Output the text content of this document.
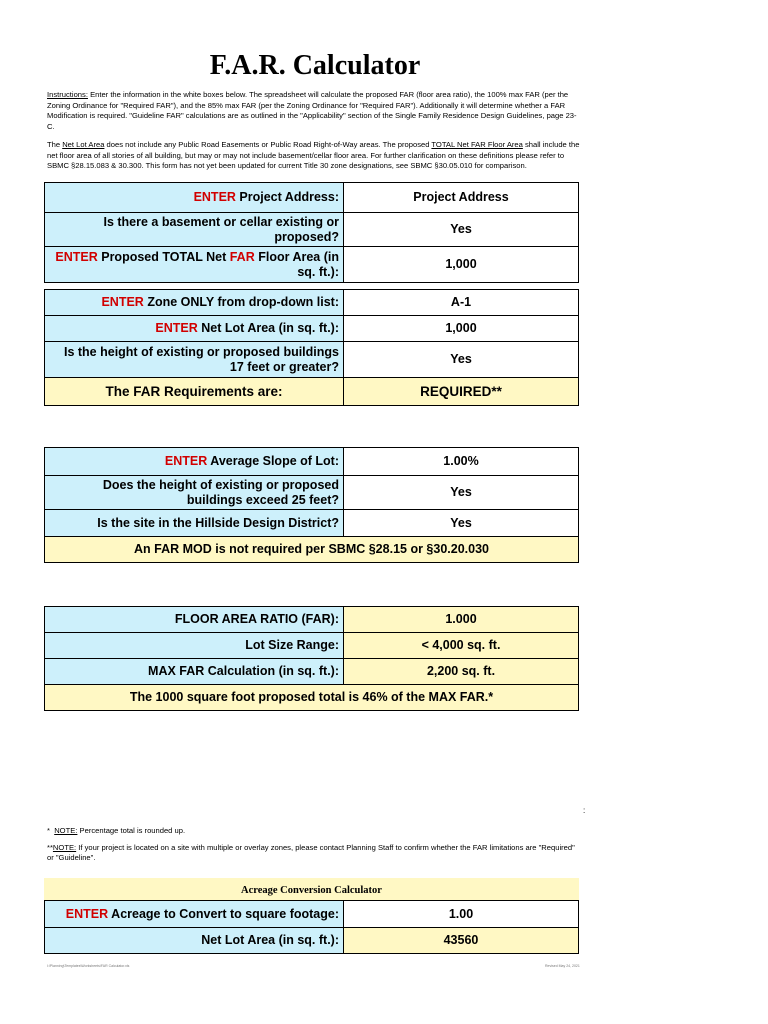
F.A.R. Calculator
Instructions: Enter the information in the white boxes below. The spreadsheet will calculate the proposed FAR (floor area ratio), the 100% max FAR (per the Zoning Ordinance for "Required FAR"), and the 85% max FAR (per the Zoning Ordinance for "Required FAR"). Additionally it will determine whether a FAR Modification is required. "Guideline FAR" calculations are as outlined in the "Applicability" section of the Single Family Residence Design Guidelines, page 23-C.
The Net Lot Area does not include any Public Road Easements or Public Road Right-of-Way areas. The proposed TOTAL Net FAR Floor Area shall include the net floor area of all stories of all building, but may or may not include basement/cellar floor area. For further clarification on these definitions please refer to SBMC §28.15.083 & 30.300. This form has not yet been updated for current Title 30 zone designations, see SBMC §30.05.010 for comparison.
ENTER Project Address:	Project Address
Is there a basement or cellar existing or proposed?	Yes
ENTER Proposed TOTAL Net FAR Floor Area (in sq. ft.):	1,000
ENTER Zone ONLY from drop-down list:	A-1
ENTER Net Lot Area (in sq. ft.):	1,000
Is the height of existing or proposed buildings 17 feet or greater?	Yes
The FAR Requirements are:	REQUIRED**
ENTER Average Slope of Lot:	1.00%
Does the height of existing or proposed buildings exceed 25 feet?	Yes
Is the site in the Hillside Design District?	Yes
An FAR MOD is not required per SBMC §28.15 or §30.20.030	
FLOOR AREA RATIO (FAR):	1.000
Lot Size Range:	< 4,000 sq. ft.
MAX FAR Calculation (in sq. ft.):	2,200 sq. ft.
The 1000 square foot proposed total is 46% of the MAX FAR.*	
:
* NOTE: Percentage total is rounded up.
**NOTE: If your project is located on a site with multiple or overlay zones, please contact Planning Staff to confirm whether the FAR limitations are "Required" or "Guideline".
Acreage Conversion Calculator
ENTER Acreage to Convert to square footage:	1.00
Net Lot Area (in sq. ft.):	43560
I:\Planning\Templates\Worksheets\FAR Calculator.xls	Revised May 24, 2021
